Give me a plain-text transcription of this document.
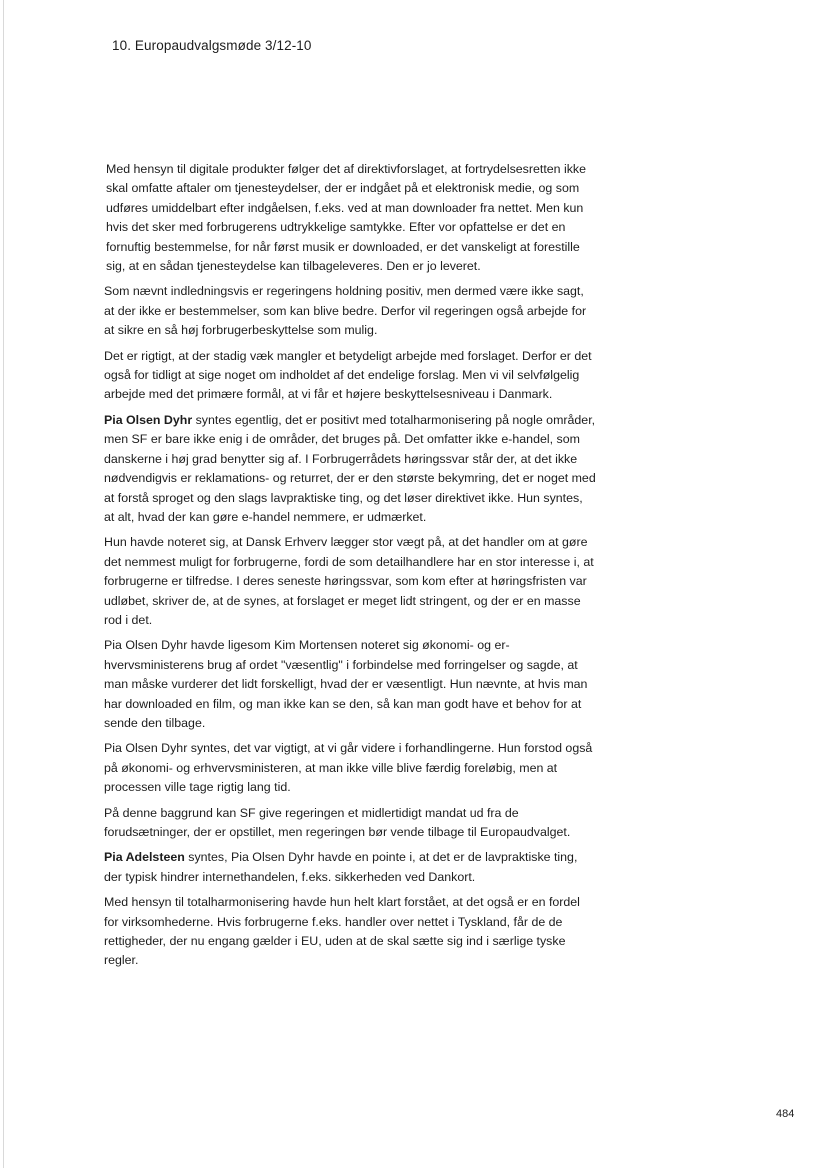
10. Europaudvalgsmøde 3/12-10

Med hensyn til digitale produkter følger det af direktivforslaget, at fortrydelsesretten ikke skal omfatte aftaler om tjenesteydelser, der er indgået på et elektronisk medie, og som udføres umiddelbart efter indgåelsen, f.eks. ved at man downloader fra nettet. Men kun hvis det sker med forbrugerens udtrykkelige samtykke. Efter vor opfattelse er det en fornuftig bestemmelse, for når først musik er downloaded, er det vanskeligt at forestille sig, at en sådan tjenesteydelse kan tilbageleveres. Den er jo leveret.

Som nævnt indledningsvis er regeringens holdning positiv, men dermed være ikke sagt, at der ikke er bestemmelser, som kan blive bedre. Derfor vil regeringen også arbejde for at sikre en så høj forbrugerbeskyttelse som mulig.

Det er rigtigt, at der stadig væk mangler et betydeligt arbejde med forslaget. Derfor er det også for tidligt at sige noget om indholdet af det endelige forslag. Men vi vil selvfølgelig arbejde med det primære formål, at vi får et højere beskyttelsesniveau i Danmark.

Pia Olsen Dyhr syntes egentlig, det er positivt med totalharmonisering på nogle områder, men SF er bare ikke enig i de områder, det bruges på. Det omfatter ikke e-handel, som danskerne i høj grad benytter sig af. I Forbrugerrådets høringssvar står der, at det ikke nødvendigvis er reklamations- og returret, der er den største bekymring, det er noget med at forstå sproget og den slags lavpraktiske ting, og det løser direktivet ikke. Hun syntes, at alt, hvad der kan gøre e-handel nemmere, er udmærket.

Hun havde noteret sig, at Dansk Erhverv lægger stor vægt på, at det handler om at gøre det nemmest muligt for forbrugerne, fordi de som detailhandlere har en stor interesse i, at forbrugerne er tilfredse. I deres seneste høringssvar, som kom efter at høringsfristen var udløbet, skriver de, at de synes, at forslaget er meget lidt stringent, og der er en masse rod i det.

Pia Olsen Dyhr havde ligesom Kim Mortensen noteret sig økonomi- og erhvervsministerens brug af ordet "væsentlig" i forbindelse med forringelser og sagde, at man måske vurderer det lidt forskelligt, hvad der er væsentligt. Hun nævnte, at hvis man har downloaded en film, og man ikke kan se den, så kan man godt have et behov for at sende den tilbage.

Pia Olsen Dyhr syntes, det var vigtigt, at vi går videre i forhandlingerne. Hun forstod også på økonomi- og erhvervsministeren, at man ikke ville blive færdig foreløbig, men at processen ville tage rigtig lang tid.

På denne baggrund kan SF give regeringen et midlertidigt mandat ud fra de forudsætninger, der er opstillet, men regeringen bør vende tilbage til Europaudvalget.

Pia Adelsteen syntes, Pia Olsen Dyhr havde en pointe i, at det er de lavpraktiske ting, der typisk hindrer internethandelen, f.eks. sikkerheden ved Dankort.

Med hensyn til totalharmonisering havde hun helt klart forstået, at det også er en fordel for virksomhederne. Hvis forbrugerne f.eks. handler over nettet i Tyskland, får de de rettigheder, der nu engang gælder i EU, uden at de skal sætte sig ind i særlige tyske regler.

484
